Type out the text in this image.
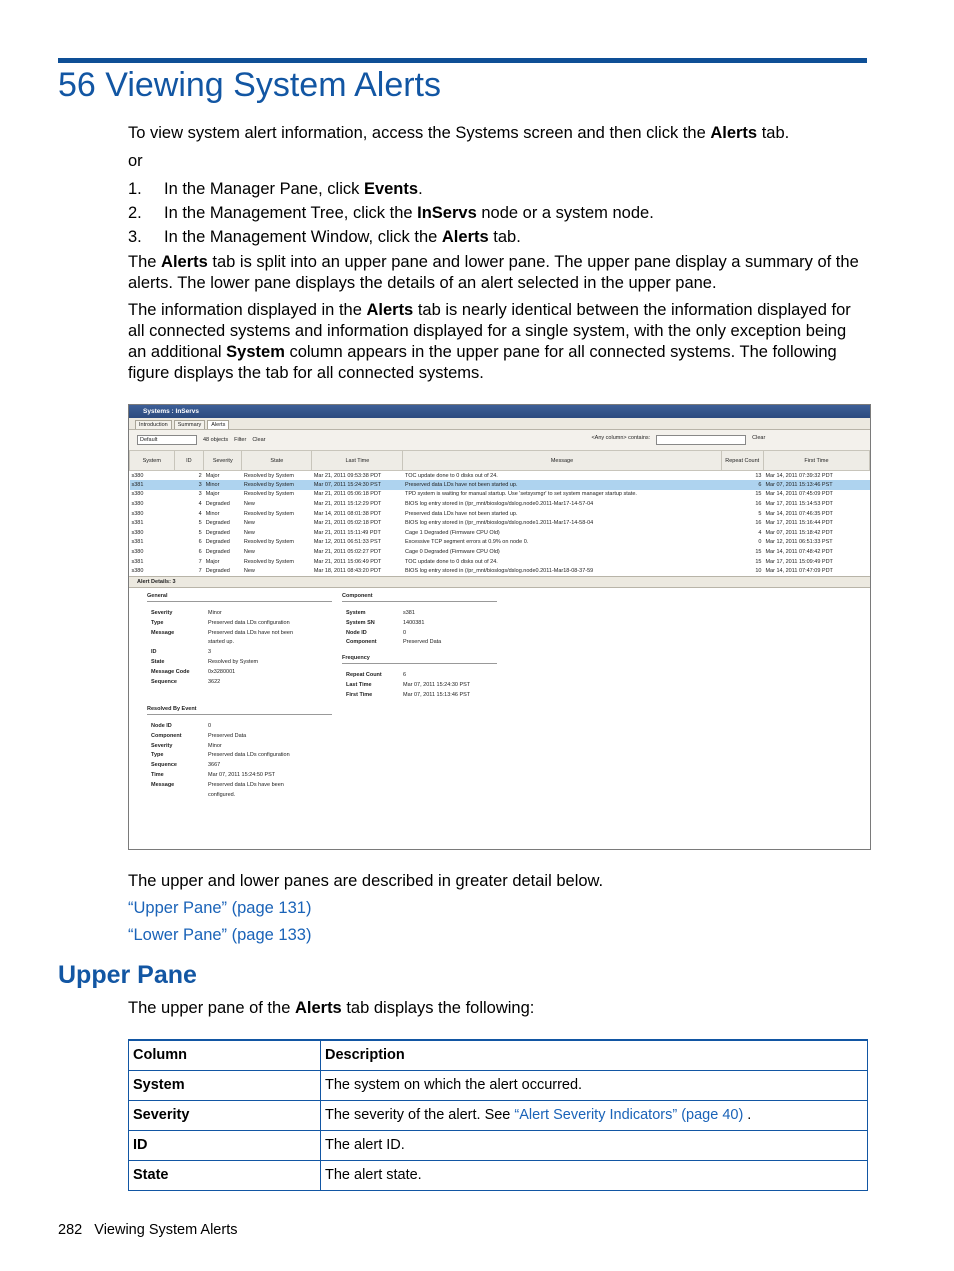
56 Viewing System Alerts

To view system alert information, access the Systems screen and then click the Alerts tab.

or

1.	In the Manager Pane, click Events.
2.	In the Management Tree, click the InServs node or a system node.
3.	In the Management Window, click the Alerts tab.

The Alerts tab is split into an upper pane and lower pane. The upper pane display a summary of the alerts. The lower pane displays the details of an alert selected in the upper pane.

The information displayed in the Alerts tab is nearly identical between the information displayed for all connected systems and information displayed for a single system, with the only exception being an additional System column appears in the upper pane for all connected systems. The following figure displays the tab for all connected systems.

Systems : InServs
Introduction	Summary	Alerts
Default	48 objects Filter Clear	<Any column> contains:	Clear
System	ID	Severity	State	Last Time	Message	Repeat Count	First Time
s380	2	Major	Resolved by System	Mar 21, 2011 09:53:38 PDT	TOC update done to 0 disks out of 24.	13	Mar 14, 2011 07:39:32 PDT
s381	3	Minor	Resolved by System	Mar 07, 2011 15:24:30 PST	Preserved data LDs have not been started up.	6	Mar 07, 2011 15:13:46 PST
s380	3	Major	Resolved by System	Mar 21, 2011 05:06:18 PDT	TPD system is waiting for manual startup. Use 'setsysmgr' to set system manager startup state.	15	Mar 14, 2011 07:45:09 PDT
s380	4	Degraded	New	Mar 21, 2011 15:12:29 PDT	BIOS log entry stored in (/pr_mnt/bioslogs/dslog.node0.2011-Mar17-14-57-04	16	Mar 17, 2011 15:14:53 PDT
s380	4	Minor	Resolved by System	Mar 14, 2011 08:01:38 PDT	Preserved data LDs have not been started up.	5	Mar 14, 2011 07:46:35 PDT
s381	5	Degraded	New	Mar 21, 2011 05:02:18 PDT	BIOS log entry stored in (/pr_mnt/bioslogs/dslog.node1.2011-Mar17-14-58-04	16	Mar 17, 2011 15:16:44 PDT
s380	5	Degraded	New	Mar 21, 2011 15:11:49 PDT	Cage 1 Degraded (Firmware CPU Old)	4	Mar 07, 2011 15:18:42 PDT
s381	6	Degraded	Resolved by System	Mar 12, 2011 06:51:33 PST	Excessive TCP segment errors at 0.9% on node 0.	0	Mar 12, 2011 06:51:33 PST
s380	6	Degraded	New	Mar 21, 2011 05:02:27 PDT	Cage 0 Degraded (Firmware CPU Old)	15	Mar 14, 2011 07:48:42 PDT
s381	7	Major	Resolved by System	Mar 21, 2011 15:06:49 PDT	TOC update done to 0 disks out of 24.	15	Mar 17, 2011 15:09:49 PDT
s380	7	Degraded	New	Mar 18, 2011 08:43:20 PDT	BIOS log entry stored in (/pr_mnt/bioslogs/dslog.node0.2011-Mar18-08-37-59	10	Mar 14, 2011 07:47:09 PDT
Alert Details: 3
General
Severity	Minor
Type	Preserved data LDs configuration
Message	Preserved data LDs have not been started up.
ID	3
State	Resolved by System
Message Code	0x3280001
Sequence	3622
Component
System	s381
System SN	1400381
Node ID	0
Component	Preserved Data
Frequency
Repeat Count	6
Last Time	Mar 07, 2011 15:24:30 PST
First Time	Mar 07, 2011 15:13:46 PST
Resolved By Event
Node ID	0
Component	Preserved Data
Severity	Minor
Type	Preserved data LDs configuration
Sequence	3667
Time	Mar 07, 2011 15:24:50 PST
Message	Preserved data LDs have been configured.

The upper and lower panes are described in greater detail below.

“Upper Pane” (page 131)
“Lower Pane” (page 133)
Upper Pane

The upper pane of the Alerts tab displays the following:

Column	Description
System	The system on which the alert occurred.
Severity	The severity of the alert. See “Alert Severity Indicators” (page 40) .
ID	The alert ID.
State	The alert state.
282 Viewing System Alerts
